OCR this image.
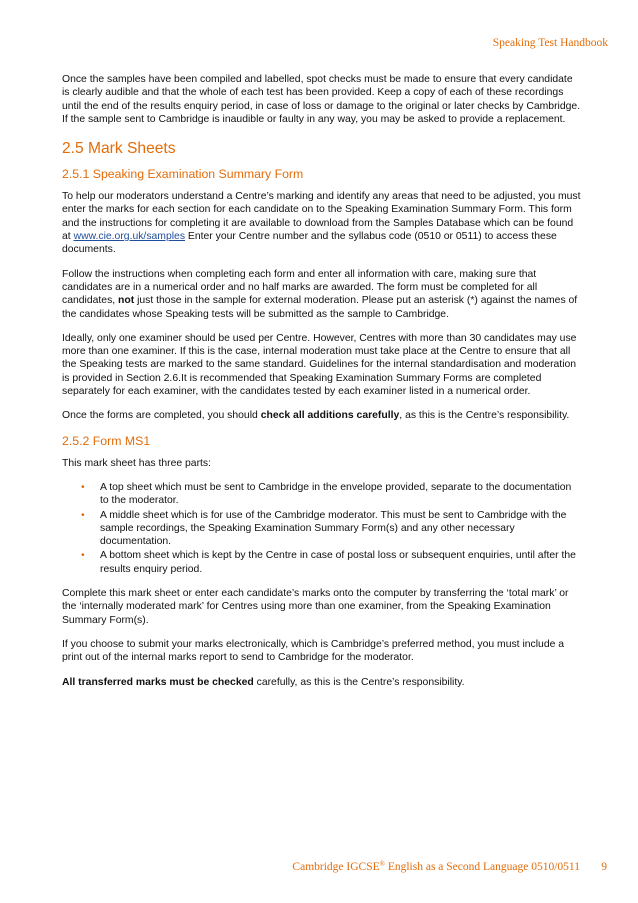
Speaking Test Handbook

Once the samples have been compiled and labelled, spot checks must be made to ensure that every candidate is clearly audible and that the whole of each test has been provided. Keep a copy of each of these recordings until the end of the results enquiry period, in case of loss or damage to the original or later checks by Cambridge. If the sample sent to Cambridge is inaudible or faulty in any way, you may be asked to provide a replacement.

2.5 Mark Sheets
2.5.1 Speaking Examination Summary Form

To help our moderators understand a Centre’s marking and identify any areas that need to be adjusted, you must enter the marks for each section for each candidate on to the Speaking Examination Summary Form. This form and the instructions for completing it are available to download from the Samples Database which can be found at www.cie.org.uk/samples Enter your Centre number and the syllabus code (0510 or 0511) to access these documents.

Follow the instructions when completing each form and enter all information with care, making sure that candidates are in a numerical order and no half marks are awarded. The form must be completed for all candidates, not just those in the sample for external moderation. Please put an asterisk (*) against the names of the candidates whose Speaking tests will be submitted as the sample to Cambridge.

Ideally, only one examiner should be used per Centre. However, Centres with more than 30 candidates may use more than one examiner. If this is the case, internal moderation must take place at the Centre to ensure that all the Speaking tests are marked to the same standard. Guidelines for the internal standardisation and moderation is provided in Section 2.6.It is recommended that Speaking Examination Summary Forms are completed separately for each examiner, with the candidates tested by each examiner listed in a numerical order.

Once the forms are completed, you should check all additions carefully, as this is the Centre’s responsibility.

2.5.2 Form MS1

This mark sheet has three parts:

• A top sheet which must be sent to Cambridge in the envelope provided, separate to the documentation to the moderator.
• A middle sheet which is for use of the Cambridge moderator. This must be sent to Cambridge with the sample recordings, the Speaking Examination Summary Form(s) and any other necessary documentation.
• A bottom sheet which is kept by the Centre in case of postal loss or subsequent enquiries, until after the results enquiry period.

Complete this mark sheet or enter each candidate’s marks onto the computer by transferring the ‘total mark’ or the ‘internally moderated mark’ for Centres using more than one examiner, from the Speaking Examination Summary Form(s).

If you choose to submit your marks electronically, which is Cambridge’s preferred method, you must include a print out of the internal marks report to send to Cambridge for the moderator.

All transferred marks must be checked carefully, as this is the Centre’s responsibility.

Cambridge IGCSE® English as a Second Language 0510/0511 9
